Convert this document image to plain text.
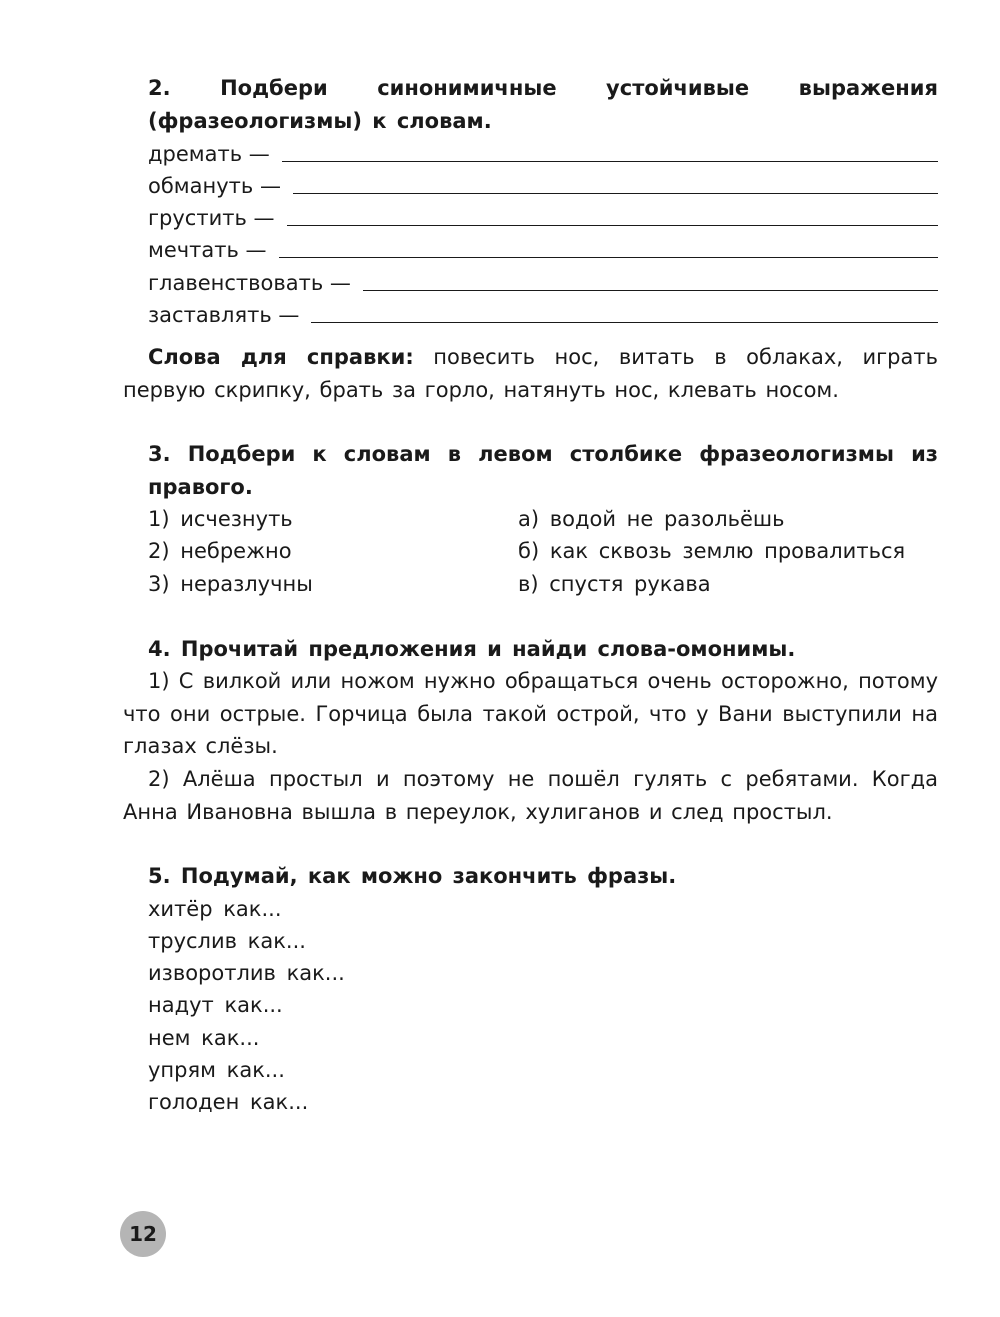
2. Подбери синонимичные устойчивые выражения (фразеологизмы) к словам.
дремать —
обмануть —
грустить —
мечтать —
главенствовать —
заставлять —
Слова для справки: повесить нос, витать в облаках, играть первую скрипку, брать за горло, натянуть нос, клевать носом.
3. Подбери к словам в левом столбике фразеологизмы из правого.
1) исчезнуть
2) небрежно
3) неразлучны
а) водой не разольёшь
б) как сквозь землю провалиться
в) спустя рукава
4. Прочитай предложения и найди слова-омонимы.
1) С вилкой или ножом нужно обращаться очень осторожно, потому что они острые. Горчица была такой острой, что у Вани выступили на глазах слёзы.
2) Алёша простыл и поэтому не пошёл гулять с ребятами. Когда Анна Ивановна вышла в переулок, хулиганов и след простыл.
5. Подумай, как можно закончить фразы.
хитёр как...
труслив как...
изворотлив как...
надут как...
нем как...
упрям как...
голоден как...
12
